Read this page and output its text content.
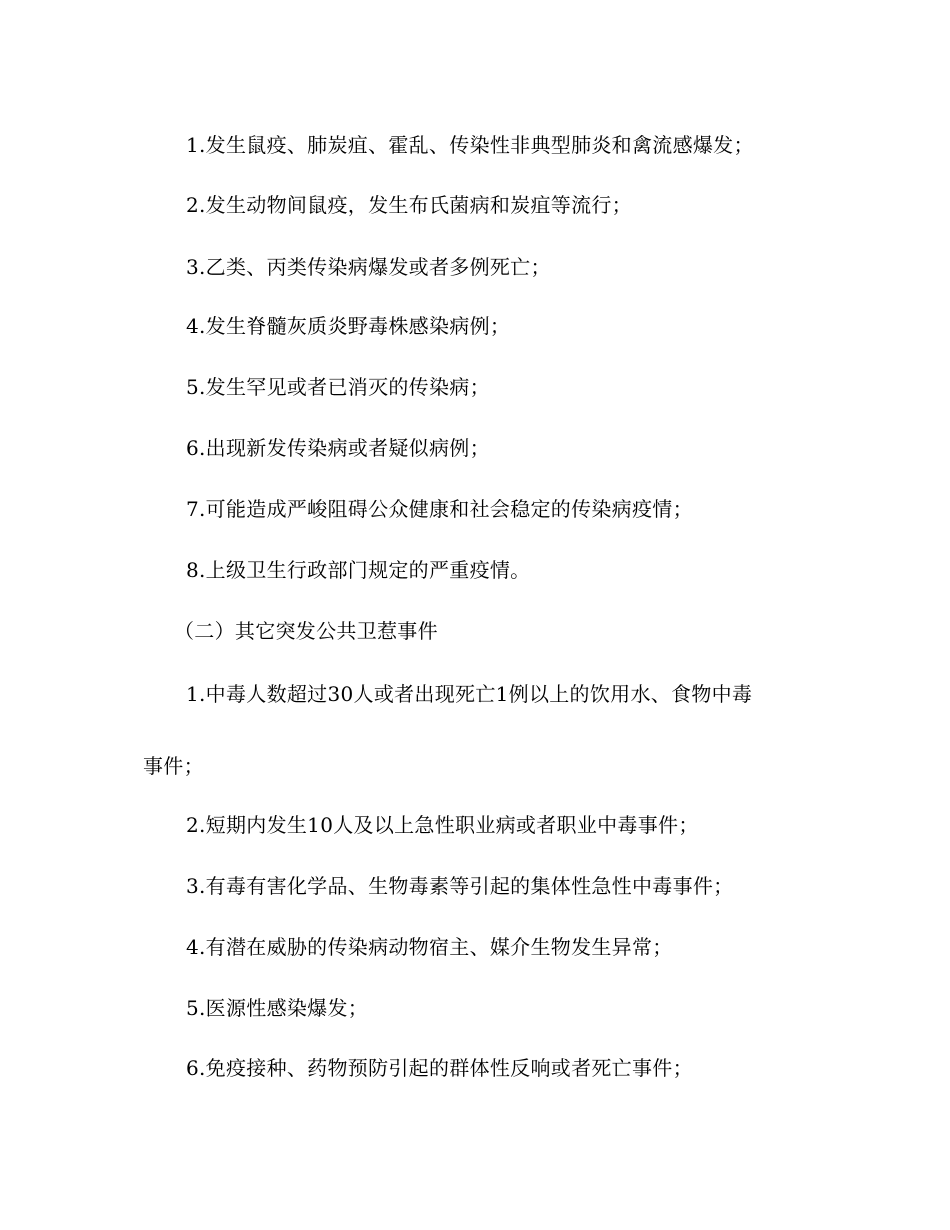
1.发生鼠疫、肺炭疽、霍乱、传染性非典型肺炎和禽流感爆发；
2.发生动物间鼠疫，发生布氏菌病和炭疽等流行；
3.乙类、丙类传染病爆发或者多例死亡；
4.发生脊髓灰质炎野毒株感染病例；
5.发生罕见或者已消灭的传染病；
6.出现新发传染病或者疑似病例；
7.可能造成严峻阻碍公众健康和社会稳定的传染病疫情；
8.上级卫生行政部门规定的严重疫情。
（二）其它突发公共卫惹事件
1.中毒人数超过30人或者出现死亡1例以上的饮用水、食物中毒
事件；
2.短期内发生10人及以上急性职业病或者职业中毒事件；
3.有毒有害化学品、生物毒素等引起的集体性急性中毒事件；
4.有潜在威胁的传染病动物宿主、媒介生物发生异常；
5.医源性感染爆发；
6.免疫接种、药物预防引起的群体性反响或者死亡事件；
